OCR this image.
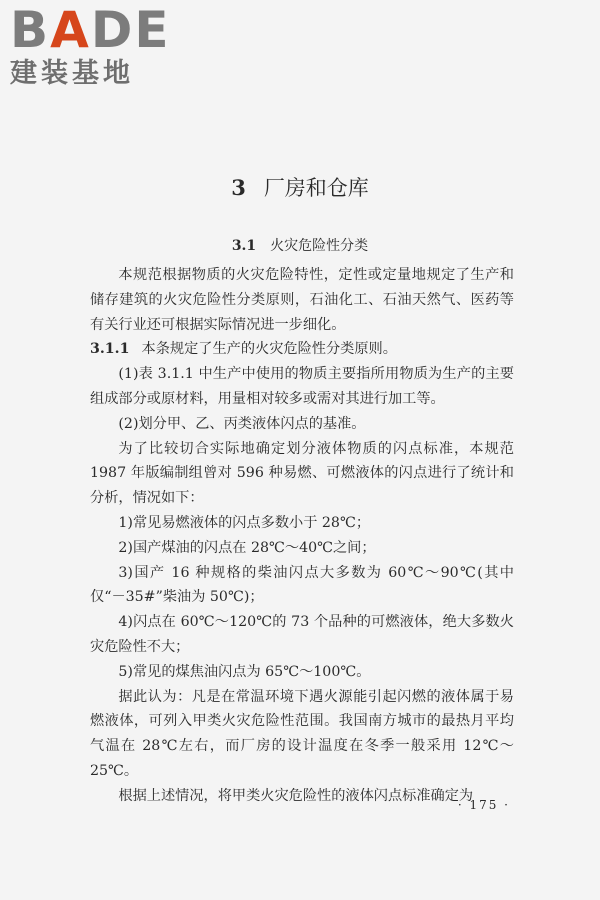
BADE
建装基地
3 厂房和仓库
3.1 火灾危险性分类

本规范根据物质的火灾危险特性，定性或定量地规定了生产和储存建筑的火灾危险性分类原则，石油化工、石油天然气、医药等有关行业还可根据实际情况进一步细化。

3.1.1 本条规定了生产的火灾危险性分类原则。

(1)表 3.1.1 中生产中使用的物质主要指所用物质为生产的主要组成部分或原材料，用量相对较多或需对其进行加工等。

(2)划分甲、乙、丙类液体闪点的基准。

为了比较切合实际地确定划分液体物质的闪点标准，本规范 1987 年版编制组曾对 596 种易燃、可燃液体的闪点进行了统计和分析，情况如下：

1)常见易燃液体的闪点多数小于 28℃；

2)国产煤油的闪点在 28℃～40℃之间；

3)国产 16 种规格的柴油闪点大多数为 60℃～90℃(其中仅“－35#”柴油为 50℃)；

4)闪点在 60℃～120℃的 73 个品种的可燃液体，绝大多数火灾危险性不大；

5)常见的煤焦油闪点为 65℃～100℃。

据此认为：凡是在常温环境下遇火源能引起闪燃的液体属于易燃液体，可列入甲类火灾危险性范围。我国南方城市的最热月平均气温在 28℃左右，而厂房的设计温度在冬季一般采用 12℃～25℃。

根据上述情况，将甲类火灾危险性的液体闪点标准确定为

· 175 ·
